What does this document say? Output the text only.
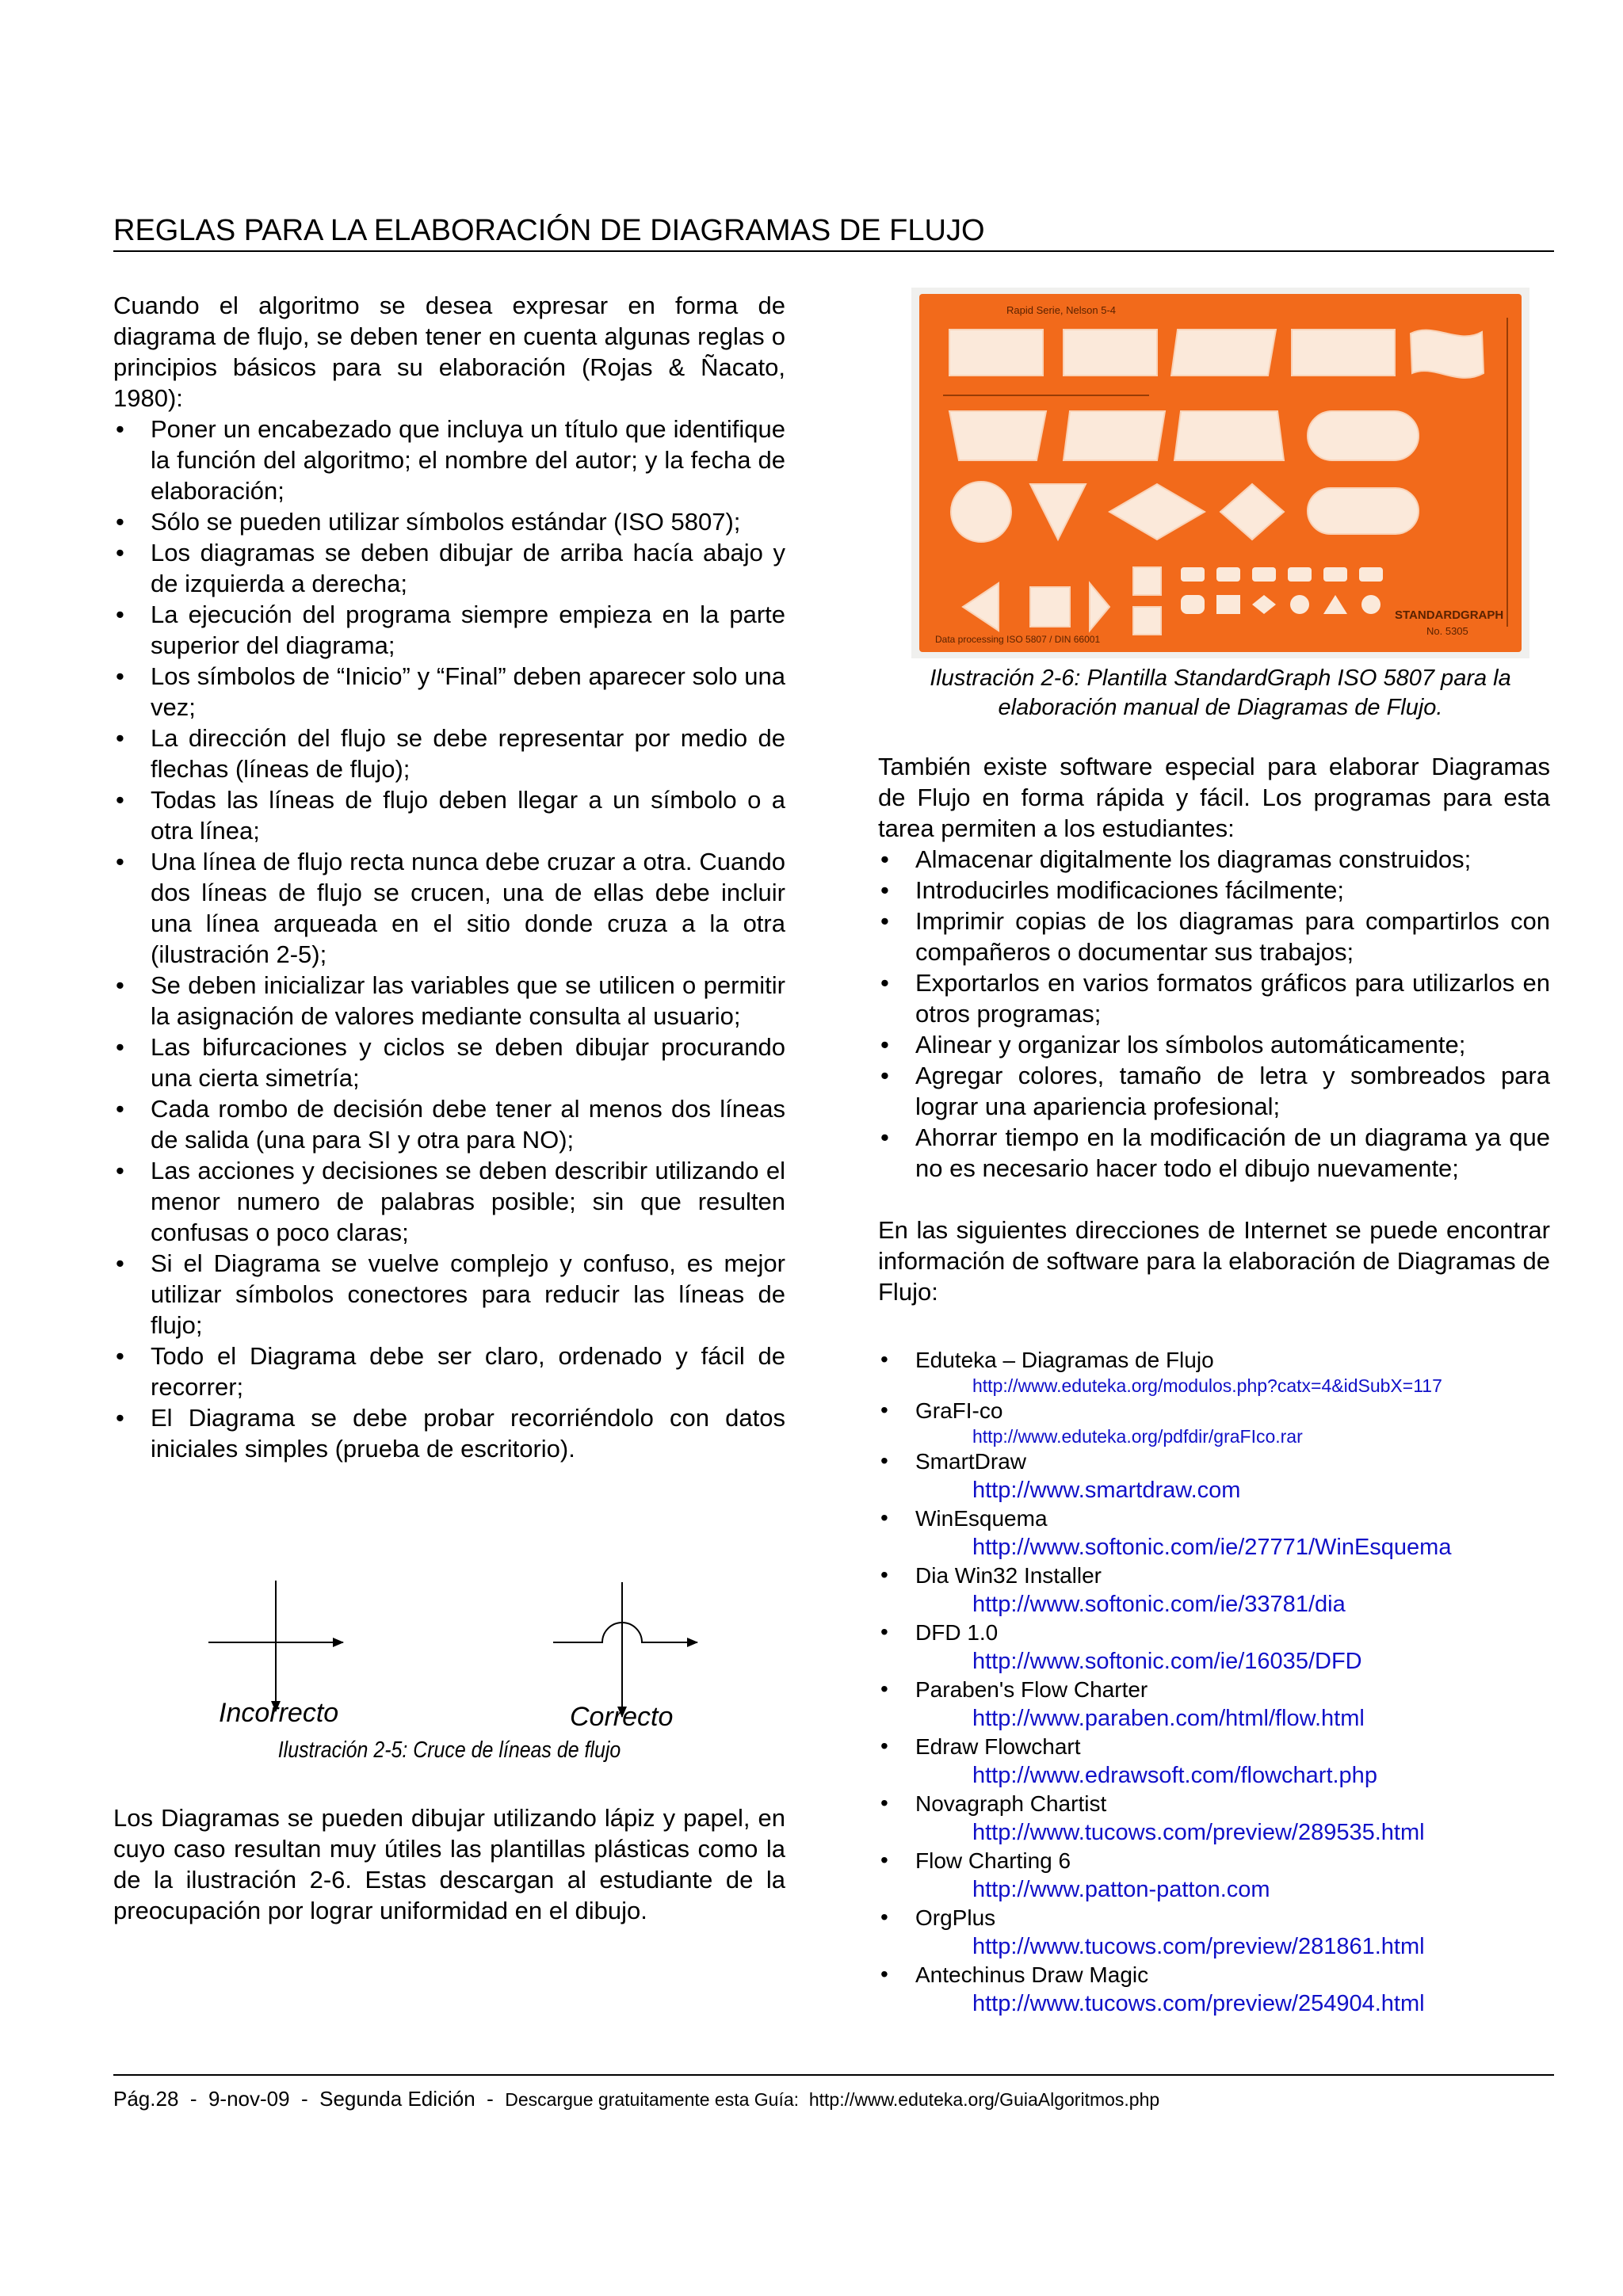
REGLAS PARA LA ELABORACIÓN DE DIAGRAMAS DE FLUJO

Cuando el algoritmo se desea expresar en forma de diagrama de flujo, se deben tener en cuenta algunas reglas o principios básicos para su elaboración (Rojas & Ñacato, 1980):

• Poner un encabezado que incluya un título que identifique la función del algoritmo; el nombre del autor; y la fecha de elaboración;
• Sólo se pueden utilizar símbolos estándar (ISO 5807);
• Los diagramas se deben dibujar de arriba hacía abajo y de izquierda a derecha;
• La ejecución del programa siempre empieza en la parte superior del diagrama;
• Los símbolos de “Inicio” y “Final” deben aparecer solo una vez;
• La dirección del flujo se debe representar por medio de flechas (líneas de flujo);
• Todas las líneas de flujo deben llegar a un símbolo o a otra línea;
• Una línea de flujo recta nunca debe cruzar a otra. Cuando dos líneas de flujo se crucen, una de ellas debe incluir una línea arqueada en el sitio donde cruza a la otra (ilustración 2-5);
• Se deben inicializar las variables que se utilicen o permitir la asignación de valores mediante consulta al usuario;
• Las bifurcaciones y ciclos se deben dibujar procurando una cierta simetría;
• Cada rombo de decisión debe tener al menos dos líneas de salida (una para SI y otra para NO);
• Las acciones y decisiones se deben describir utilizando el menor numero de palabras posible; sin que resulten confusas o poco claras;
• Si el Diagrama se vuelve complejo y confuso, es mejor utilizar símbolos conectores para reducir las líneas de flujo;
• Todo el Diagrama debe ser claro, ordenado y fácil de recorrer;
• El Diagrama se debe probar recorriéndolo con datos iniciales simples (prueba de escritorio).
Incorrecto	Correcto
Ilustración 2-5: Cruce de líneas de flujo

Los Diagramas se pueden dibujar utilizando lápiz y papel, en cuyo caso resultan muy útiles las plantillas plásticas como la de la ilustración 2-6. Estas descargan al estudiante de la preocupación por lograr uniformidad en el dibujo.

Rapid Serie, Nelson 5-4
STANDARDGRAPH
No. 5305
Data processing ISO 5807 / DIN 66001
Ilustración 2-6: Plantilla StandardGraph ISO 5807 para la elaboración manual de Diagramas de Flujo.

También existe software especial para elaborar Diagramas de Flujo en forma rápida y fácil. Los programas para esta tarea permiten a los estudiantes:

• Almacenar digitalmente los diagramas construidos;
• Introducirles modificaciones fácilmente;
• Imprimir copias de los diagramas para compartirlos con compañeros o documentar sus trabajos;
• Exportarlos en varios formatos gráficos para utilizarlos en otros programas;
• Alinear y organizar los símbolos automáticamente;
• Agregar colores, tamaño de letra y sombreados para lograr una apariencia profesional;
• Ahorrar tiempo en la modificación de un diagrama ya que no es necesario hacer todo el dibujo nuevamente;

En las siguientes direcciones de Internet se puede encontrar información de software para la elaboración de Diagramas de Flujo:

• Eduteka – Diagramas de Flujo
http://www.eduteka.org/modulos.php?catx=4&idSubX=117
• GraFI-co
http://www.eduteka.org/pdfdir/graFIco.rar
• SmartDraw
http://www.smartdraw.com
• WinEsquema
http://www.softonic.com/ie/27771/WinEsquema
• Dia Win32 Installer
http://www.softonic.com/ie/33781/dia
• DFD 1.0
http://www.softonic.com/ie/16035/DFD
• Paraben's Flow Charter
http://www.paraben.com/html/flow.html
• Edraw Flowchart
http://www.edrawsoft.com/flowchart.php
• Novagraph Chartist
http://www.tucows.com/preview/289535.html
• Flow Charting 6
http://www.patton-patton.com
• OrgPlus
http://www.tucows.com/preview/281861.html
• Antechinus Draw Magic
http://www.tucows.com/preview/254904.html
Pág.28  -  9-nov-09  -  Segunda Edición  -  Descargue gratuitamente esta Guía:  http://www.eduteka.org/GuiaAlgoritmos.php
